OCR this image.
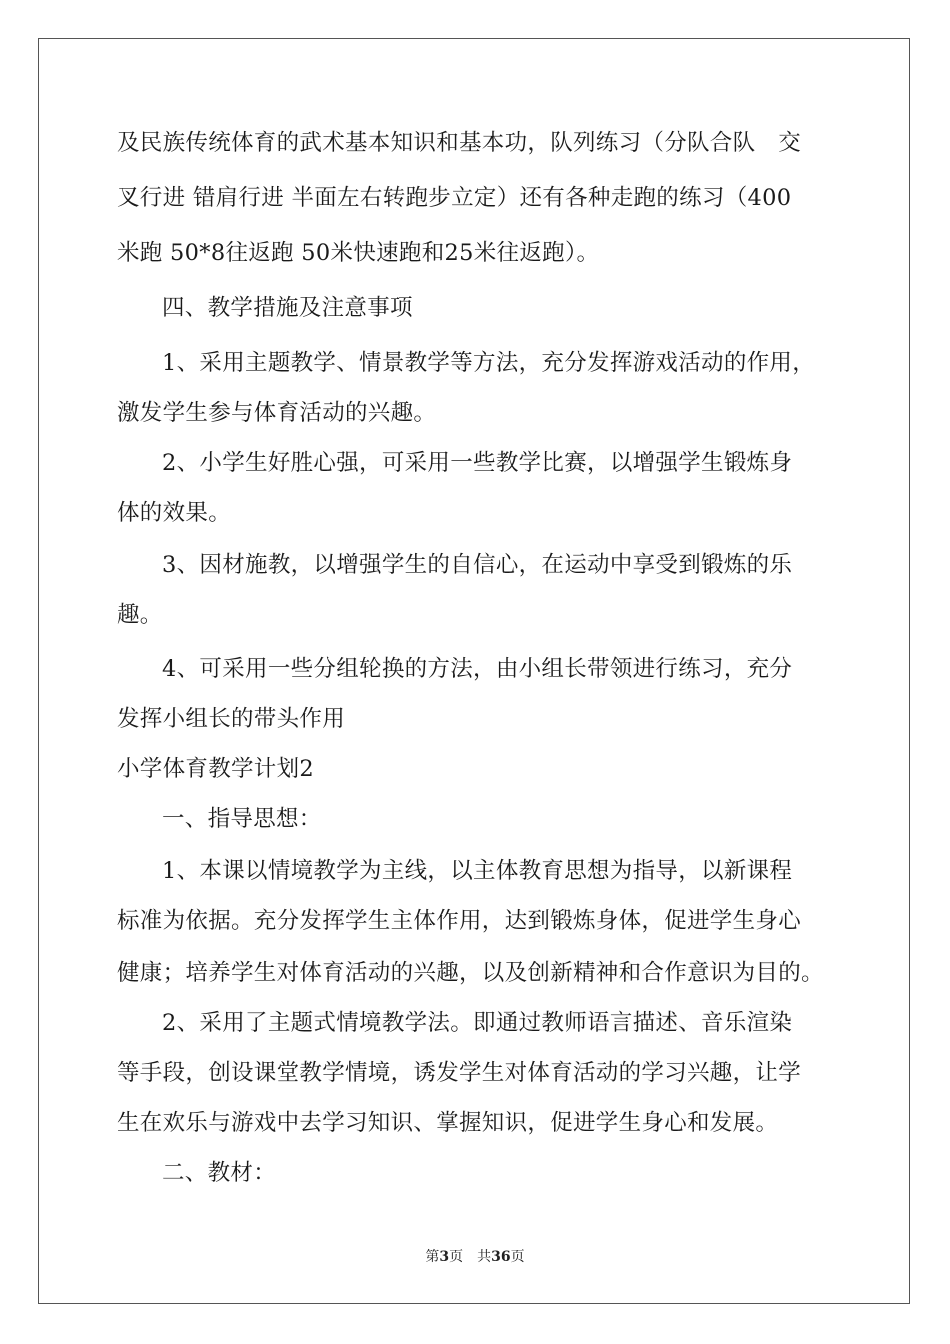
及民族传统体育的武术基本知识和基本功，队列练习（分队合队　交
叉行进 错肩行进 半面左右转跑步立定）还有各种走跑的练习（400
米跑 50*8往返跑 50米快速跑和25米往返跑）。
四、教学措施及注意事项
1、采用主题教学、情景教学等方法，充分发挥游戏活动的作用，
激发学生参与体育活动的兴趣。
2、小学生好胜心强，可采用一些教学比赛，以增强学生锻炼身
体的效果。
3、因材施教，以增强学生的自信心，在运动中享受到锻炼的乐
趣。
4、可采用一些分组轮换的方法，由小组长带领进行练习，充分
发挥小组长的带头作用
小学体育教学计划2
一、指导思想：
1、本课以情境教学为主线，以主体教育思想为指导，以新课程
标准为依据。充分发挥学生主体作用，达到锻炼身体，促进学生身心
健康；培养学生对体育活动的兴趣，以及创新精神和合作意识为目的。
2、采用了主题式情境教学法。即通过教师语言描述、音乐渲染
等手段，创设课堂教学情境，诱发学生对体育活动的学习兴趣，让学
生在欢乐与游戏中去学习知识、掌握知识，促进学生身心和发展。
二、教材：
第3页 共36页
